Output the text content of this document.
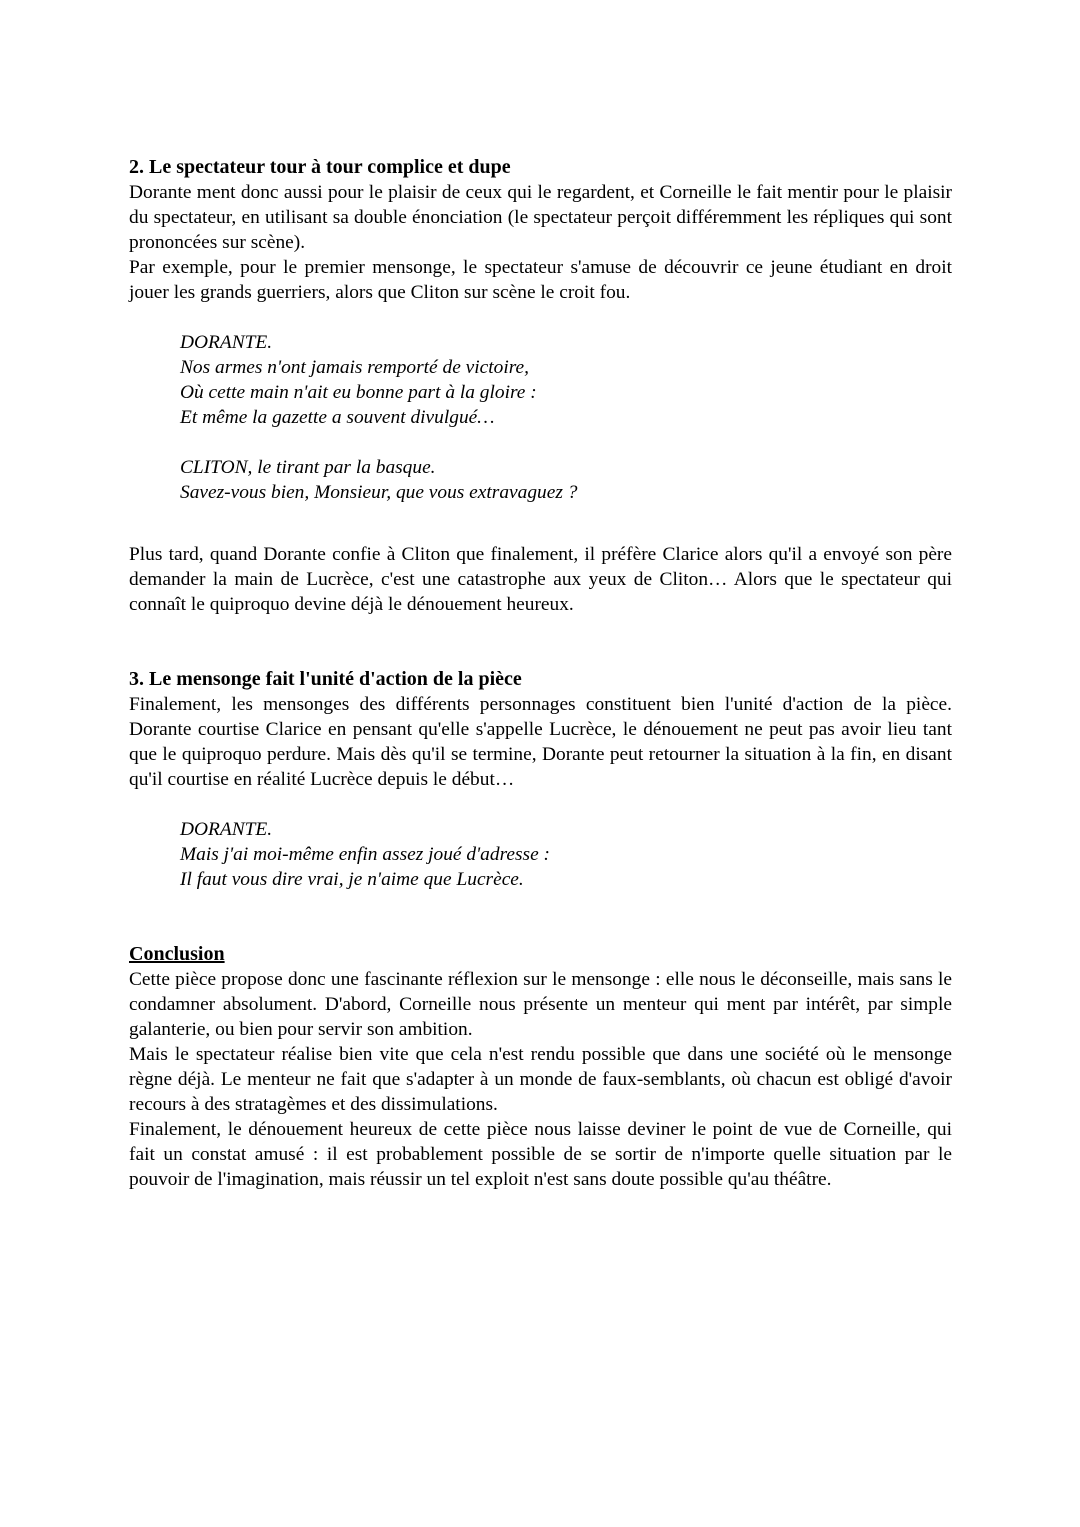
2. Le spectateur tour à tour complice et dupe

Dorante ment donc aussi pour le plaisir de ceux qui le regardent, et Corneille le fait mentir pour le plaisir du spectateur, en utilisant sa double énonciation (le spectateur perçoit différemment les répliques qui sont prononcées sur scène).

Par exemple, pour le premier mensonge, le spectateur s'amuse de découvrir ce jeune étudiant en droit jouer les grands guerriers, alors que Cliton sur scène le croit fou.

DORANTE.
Nos armes n'ont jamais remporté de victoire,
Où cette main n'ait eu bonne part à la gloire :
Et même la gazette a souvent divulgué…
CLITON, le tirant par la basque.
Savez-vous bien, Monsieur, que vous extravaguez ?

Plus tard, quand Dorante confie à Cliton que finalement, il préfère Clarice alors qu'il a envoyé son père demander la main de Lucrèce, c'est une catastrophe aux yeux de Cliton… Alors que le spectateur qui connaît le quiproquo devine déjà le dénouement heureux.

3. Le mensonge fait l'unité d'action de la pièce

Finalement, les mensonges des différents personnages constituent bien l'unité d'action de la pièce. Dorante courtise Clarice en pensant qu'elle s'appelle Lucrèce, le dénouement ne peut pas avoir lieu tant que le quiproquo perdure. Mais dès qu'il se termine, Dorante peut retourner la situation à la fin, en disant qu'il courtise en réalité Lucrèce depuis le début…

DORANTE.
Mais j'ai moi-même enfin assez joué d'adresse :
Il faut vous dire vrai, je n'aime que Lucrèce.

Conclusion

Cette pièce propose donc une fascinante réflexion sur le mensonge : elle nous le déconseille, mais sans le condamner absolument. D'abord, Corneille nous présente un menteur qui ment par intérêt, par simple galanterie, ou bien pour servir son ambition.

Mais le spectateur réalise bien vite que cela n'est rendu possible que dans une société où le mensonge règne déjà. Le menteur ne fait que s'adapter à un monde de faux-semblants, où chacun est obligé d'avoir recours à des stratagèmes et des dissimulations.

Finalement, le dénouement heureux de cette pièce nous laisse deviner le point de vue de Corneille, qui fait un constat amusé : il est probablement possible de se sortir de n'importe quelle situation par le pouvoir de l'imagination, mais réussir un tel exploit n'est sans doute possible qu'au théâtre.
